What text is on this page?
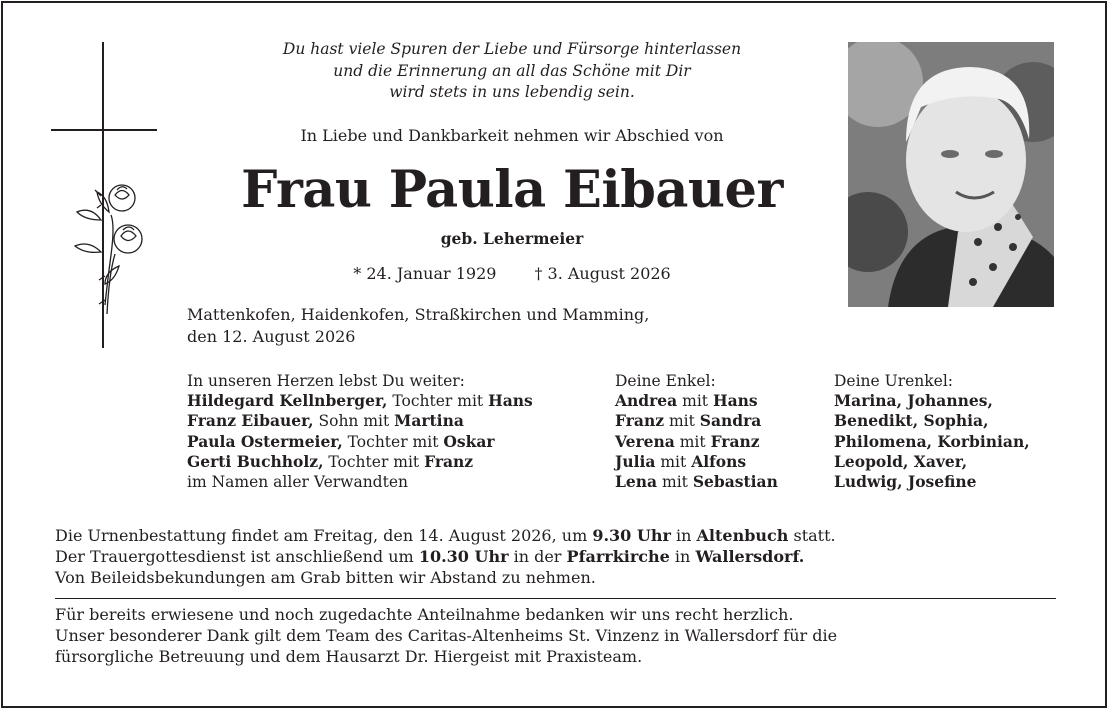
Du hast viele Spuren der Liebe und Fürsorge hinterlassen
und die Erinnerung an all das Schöne mit Dir
wird stets in uns lebendig sein.
In Liebe und Dankbarkeit nehmen wir Abschied von
Frau Paula Eibauer
geb. Lehermeier
* 24. Januar 1929 † 3. August 2026
Mattenkofen, Haidenkofen, Straßkirchen und Mamming,
den 12. August 2026
In unseren Herzen lebst Du weiter:
Hildegard Kellnberger, Tochter mit Hans
Franz Eibauer, Sohn mit Martina
Paula Ostermeier, Tochter mit Oskar
Gerti Buchholz, Tochter mit Franz
im Namen aller Verwandten
Deine Enkel:
Andrea mit Hans
Franz mit Sandra
Verena mit Franz
Julia mit Alfons
Lena mit Sebastian
Deine Urenkel:
Marina, Johannes,
Benedikt, Sophia,
Philomena, Korbinian,
Leopold, Xaver,
Ludwig, Josefine
Die Urnenbestattung findet am Freitag, den 14. August 2026, um 9.30 Uhr in Altenbuch statt.
Der Trauergottesdienst ist anschließend um 10.30 Uhr in der Pfarrkirche in Wallersdorf.
Von Beileidsbekundungen am Grab bitten wir Abstand zu nehmen.
Für bereits erwiesene und noch zugedachte Anteilnahme bedanken wir uns recht herzlich.
Unser besonderer Dank gilt dem Team des Caritas-Altenheims St. Vinzenz in Wallersdorf für die
fürsorgliche Betreuung und dem Hausarzt Dr. Hiergeist mit Praxisteam.
